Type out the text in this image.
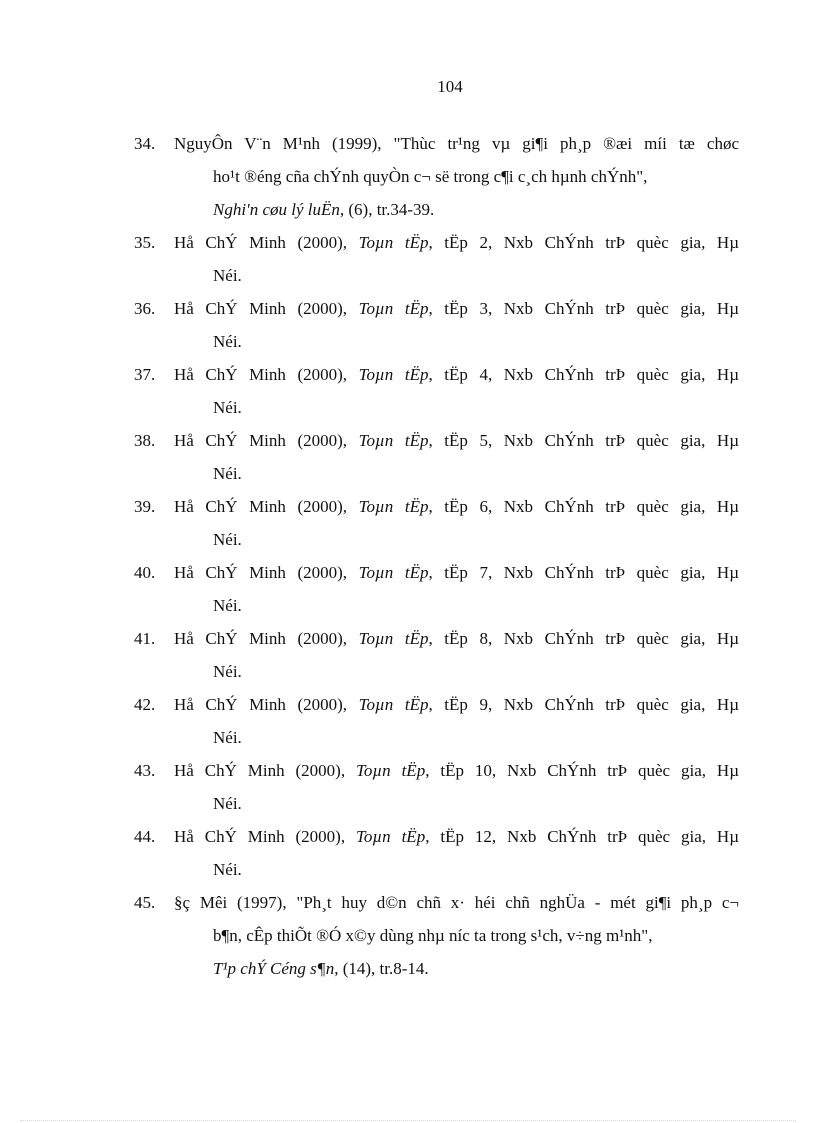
104
34. NguyÔn V¨n M¹nh (1999), "Thùc tr¹ng vµ gi¶i ph¸p ®æi míi tæ chøc
ho¹t ®éng cña chÝnh quyÒn c¬ së trong c¶i c¸ch hµnh chÝnh",
Nghi'n cøu lý luËn, (6), tr.34-39.
35. Hå ChÝ Minh (2000), Toµn tËp, tËp 2, Nxb ChÝnh trÞ quèc gia, Hµ
Néi.
36. Hå ChÝ Minh (2000), Toµn tËp, tËp 3, Nxb ChÝnh trÞ quèc gia, Hµ
Néi.
37. Hå ChÝ Minh (2000), Toµn tËp, tËp 4, Nxb ChÝnh trÞ quèc gia, Hµ
Néi.
38. Hå ChÝ Minh (2000), Toµn tËp, tËp 5, Nxb ChÝnh trÞ quèc gia, Hµ
Néi.
39. Hå ChÝ Minh (2000), Toµn tËp, tËp 6, Nxb ChÝnh trÞ quèc gia, Hµ
Néi.
40. Hå ChÝ Minh (2000), Toµn tËp, tËp 7, Nxb ChÝnh trÞ quèc gia, Hµ
Néi.
41. Hå ChÝ Minh (2000), Toµn tËp, tËp 8, Nxb ChÝnh trÞ quèc gia, Hµ
Néi.
42. Hå ChÝ Minh (2000), Toµn tËp, tËp 9, Nxb ChÝnh trÞ quèc gia, Hµ
Néi.
43. Hå ChÝ Minh (2000), Toµn tËp, tËp 10, Nxb ChÝnh trÞ quèc gia, Hµ
Néi.
44. Hå ChÝ Minh (2000), Toµn tËp, tËp 12, Nxb ChÝnh trÞ quèc gia, Hµ
Néi.
45. §ç Mêi (1997), "Ph¸t huy d©n chñ x· héi chñ nghÜa - mét gi¶i ph¸p c¬
b¶n, cÊp thiÕt ®Ó x©y dùng nhµ níc ta trong s¹ch, v÷ng m¹nh",
T¹p chÝ Céng s¶n, (14), tr.8-14.
